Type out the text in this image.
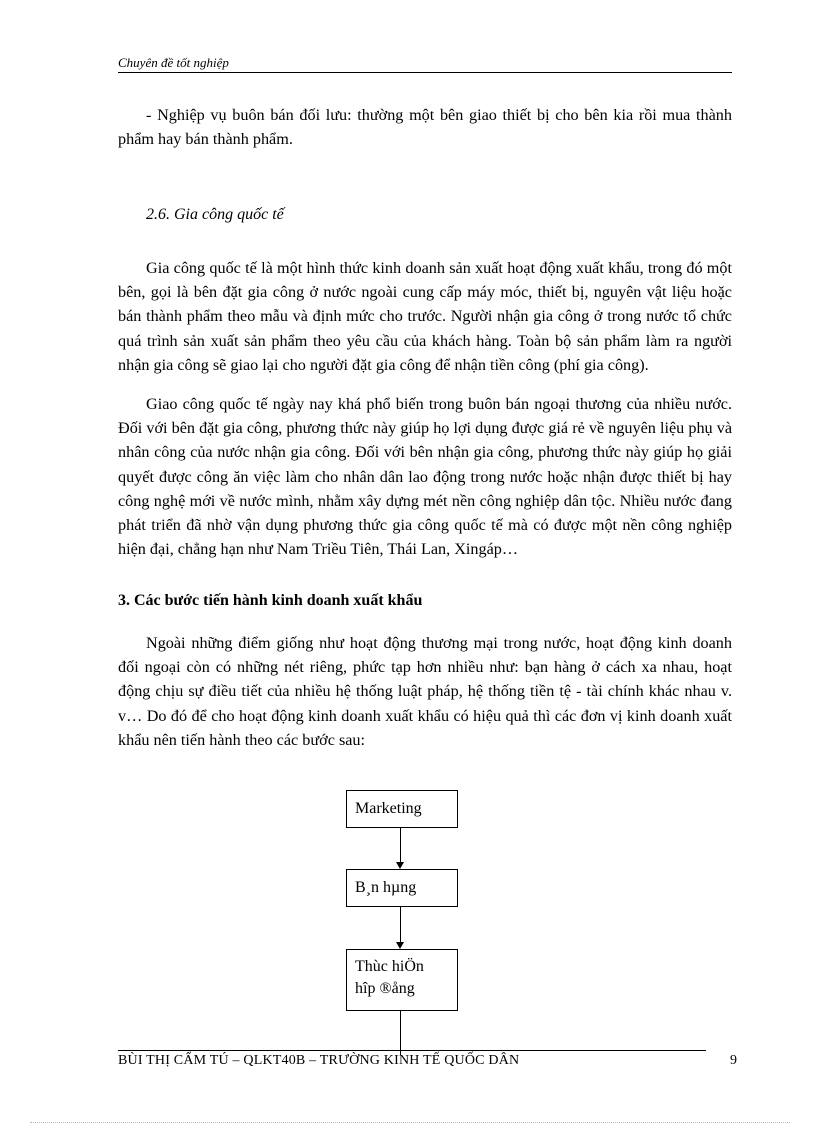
Chuyên đề tốt nghiệp

- Nghiệp vụ buôn bán đối lưu: thường một bên giao thiết bị cho bên kia rồi mua thành phẩm hay bán thành phẩm.

2.6. Gia công quốc tế

Gia công quốc tế là một hình thức kinh doanh sản xuất hoạt động xuất khẩu, trong đó một bên, gọi là bên đặt gia công ở nước ngoài cung cấp máy móc, thiết bị, nguyên vật liệu hoặc bán thành phẩm theo mẫu và định mức cho trước. Người nhận gia công ở trong nước tổ chức quá trình sản xuất sản phẩm theo yêu cầu của khách hàng. Toàn bộ sản phẩm làm ra người nhận gia công sẽ giao lại cho người đặt gia công để nhận tiền công (phí gia công).

Giao công quốc tế ngày nay khá phổ biến trong buôn bán ngoại thương của nhiều nước. Đối với bên đặt gia công, phương thức này giúp họ lợi dụng được giá rẻ về nguyên liệu phụ và nhân công của nước nhận gia công. Đối với bên nhận gia công, phương thức này giúp họ giải quyết được công ăn việc làm cho nhân dân lao động trong nước hoặc nhận được thiết bị hay công nghệ mới về nước mình, nhằm xây dựng mét nền công nghiệp dân tộc. Nhiều nước đang phát triển đã nhờ vận dụng phương thức gia công quốc tế mà có được một nền công nghiệp hiện đại, chẳng hạn như Nam Triều Tiên, Thái Lan, Xingáp…

3. Các bước tiến hành kinh doanh xuất khẩu

Ngoài những điểm giống như hoạt động thương mại trong nước, hoạt động kinh doanh đối ngoại còn có những nét riêng, phức tạp hơn nhiều như: bạn hàng ở cách xa nhau, hoạt động chịu sự điều tiết của nhiều hệ thống luật pháp, hệ thống tiền tệ - tài chính khác nhau v. v… Do đó để cho hoạt động kinh doanh xuất khẩu có hiệu quả thì các đơn vị kinh doanh xuất khẩu nên tiến hành theo các bước sau:

Marketing
B¸n hµng
Thùc hiÖn
hîp ®ång
BÙI THỊ CẨM TÚ – QLKT40B – TRƯỜNG KINH TẾ QUỐC DÂN	9
